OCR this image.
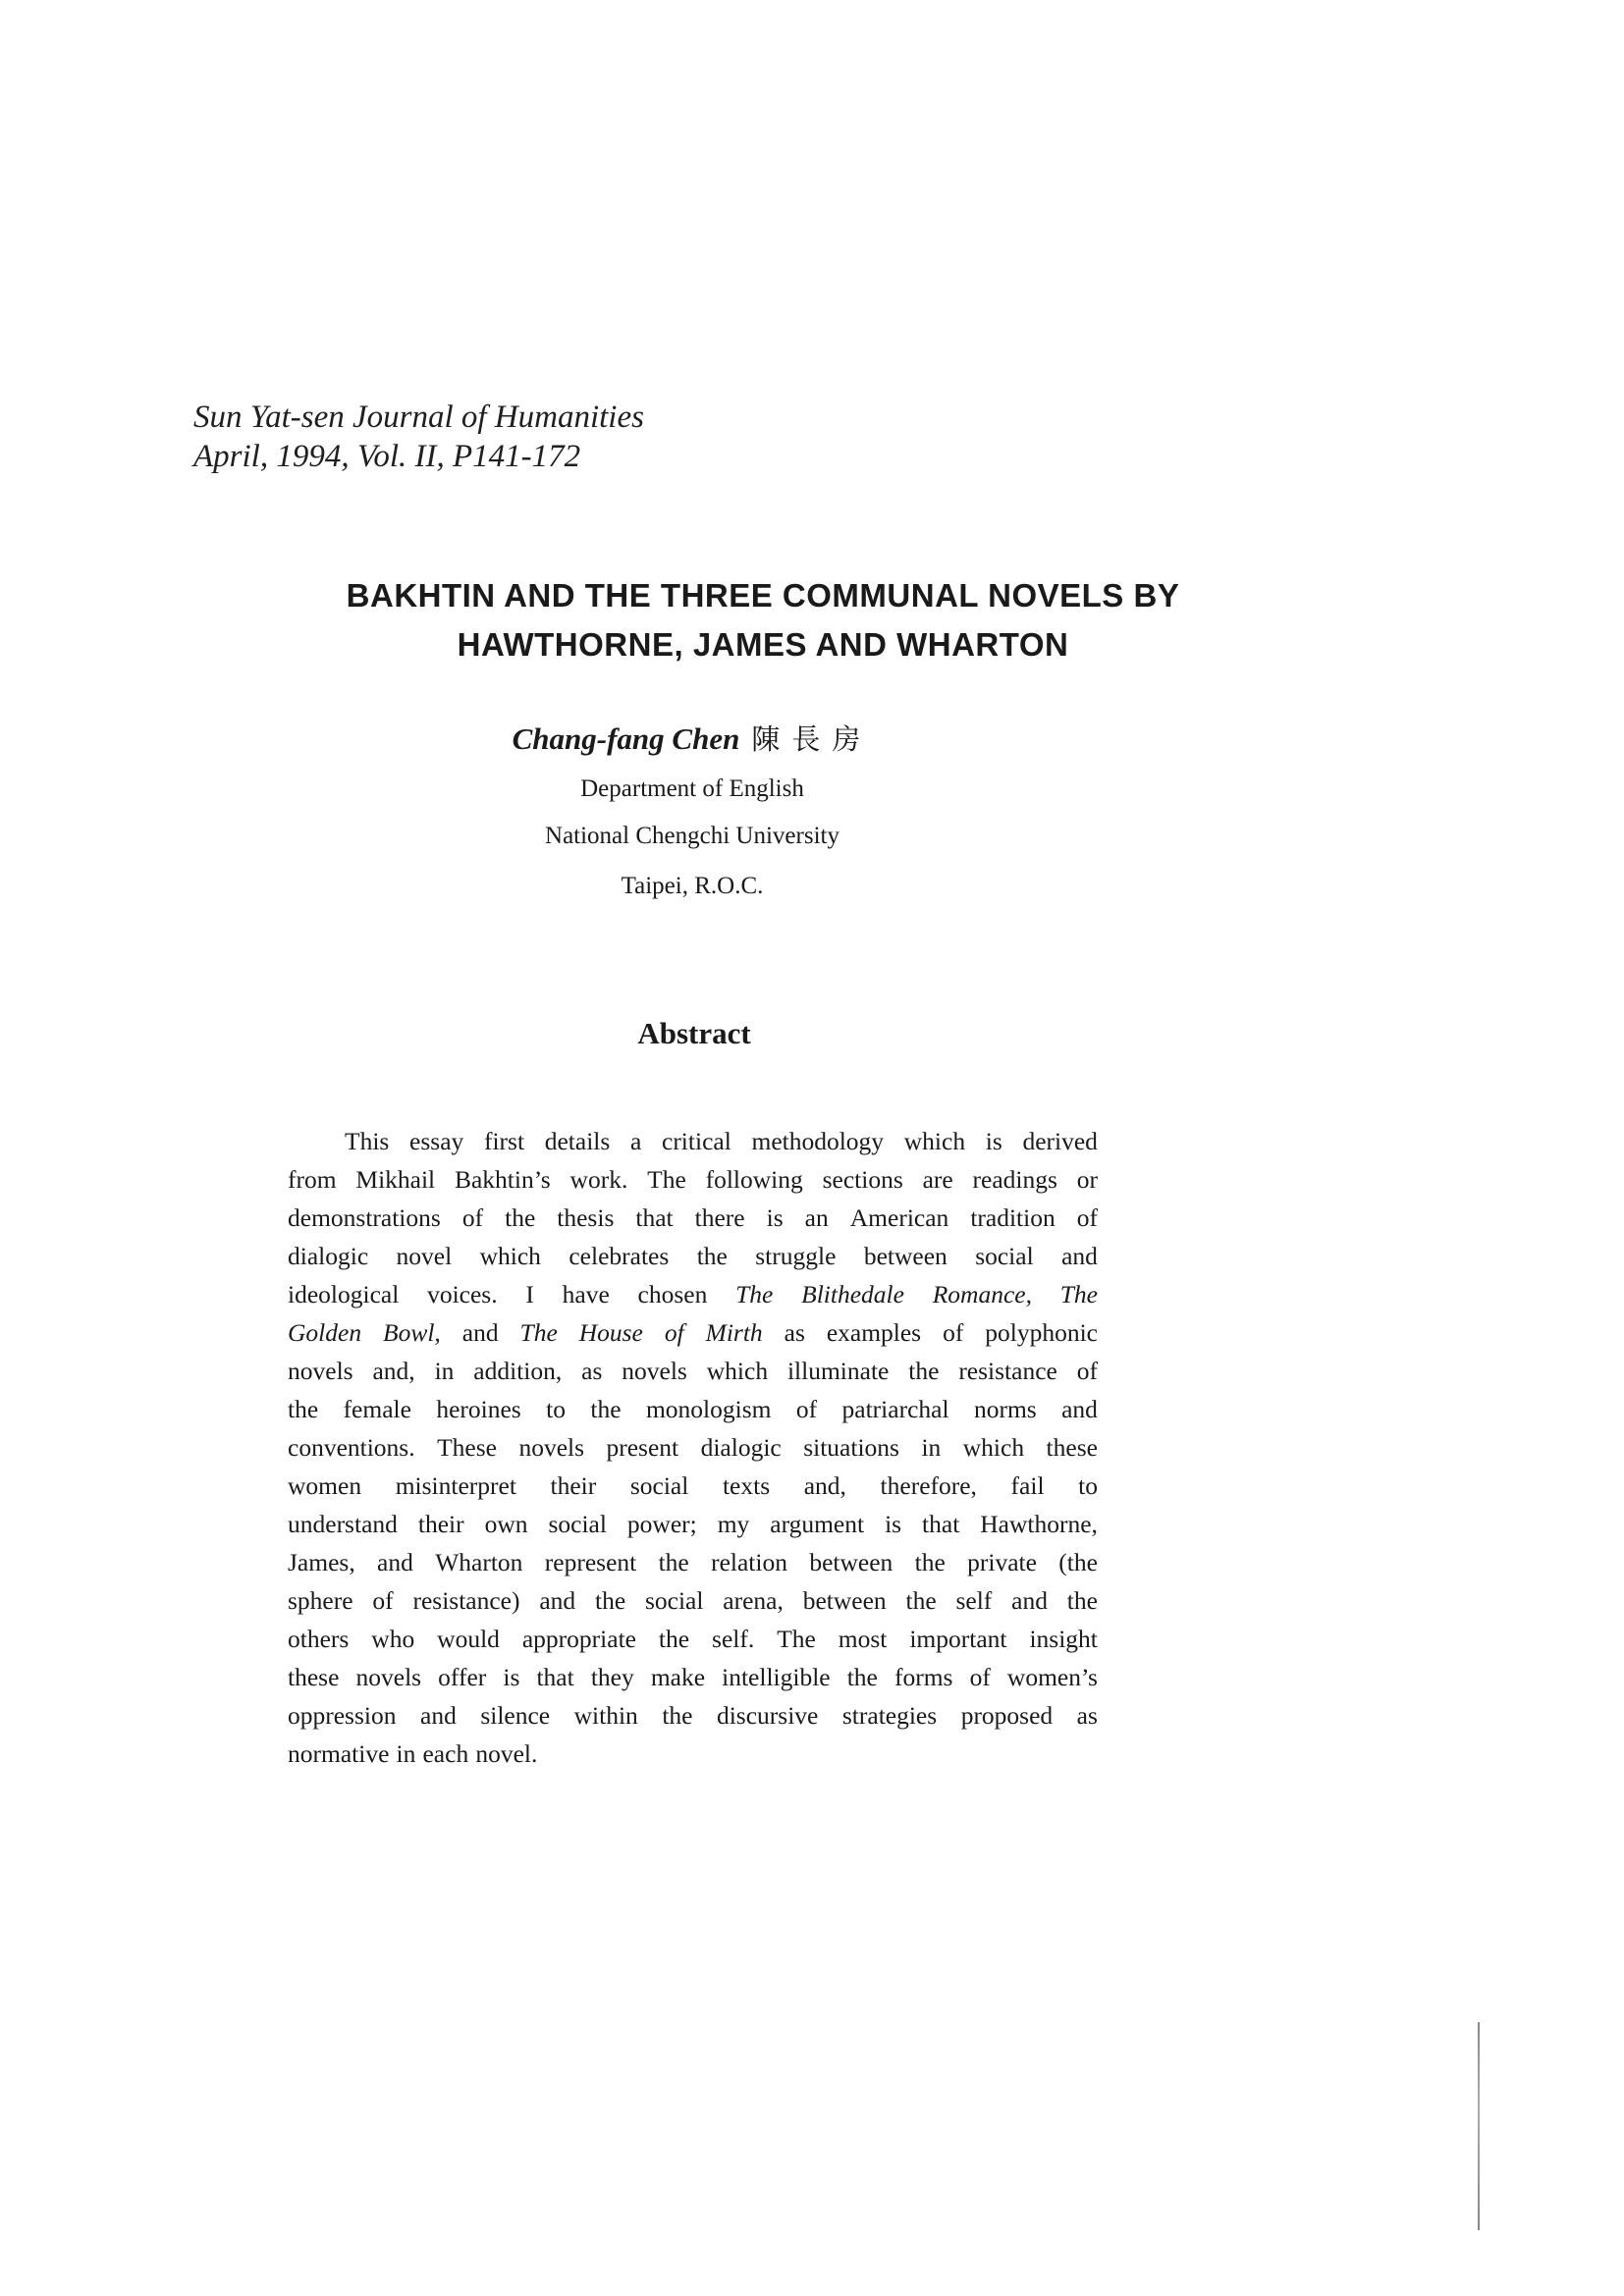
Sun Yat-sen Journal of Humanities
April, 1994, Vol. II, P141-172
BAKHTIN AND THE THREE COMMUNAL NOVELS BY
HAWTHORNE, JAMES AND WHARTON
Chang-fang Chen 陳長房
Department of English
National Chengchi University
Taipei, R.O.C.
Abstract
This essay first details a critical methodology which is derived
from Mikhail Bakhtin’s work. The following sections are readings or
demonstrations of the thesis that there is an American tradition of
dialogic novel which celebrates the struggle between social and
ideological voices. I have chosen The Blithedale Romance, The
Golden Bowl, and The House of Mirth as examples of polyphonic
novels and, in addition, as novels which illuminate the resistance of
the female heroines to the monologism of patriarchal norms and
conventions. These novels present dialogic situations in which these
women misinterpret their social texts and, therefore, fail to
understand their own social power; my argument is that Hawthorne,
James, and Wharton represent the relation between the private (the
sphere of resistance) and the social arena, between the self and the
others who would appropriate the self. The most important insight
these novels offer is that they make intelligible the forms of women’s
oppression and silence within the discursive strategies proposed as
normative in each novel.
